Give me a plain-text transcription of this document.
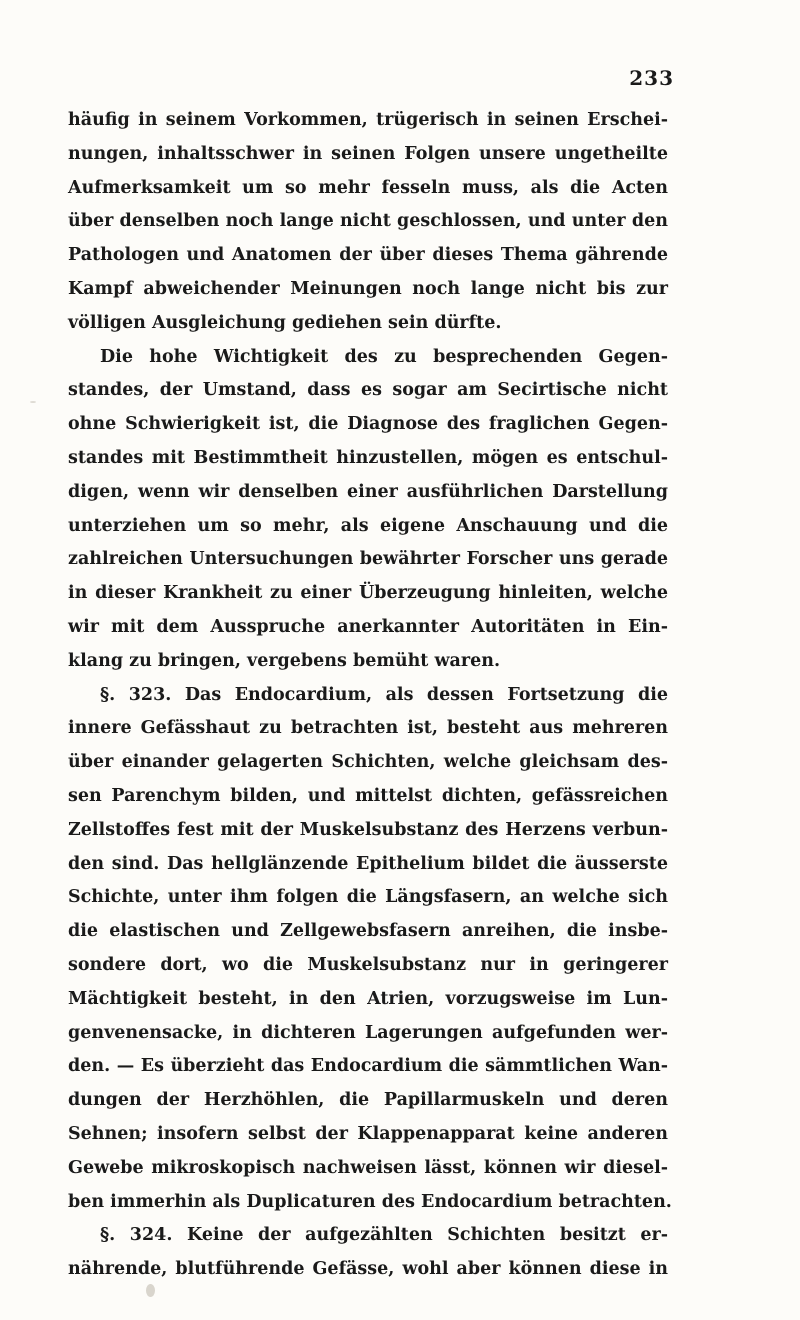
233
häufig in seinem Vorkommen, trügerisch in seinen Erschei-
nungen, inhaltsschwer in seinen Folgen unsere ungetheilte
Aufmerksamkeit um so mehr fesseln muss, als die Acten
über denselben noch lange nicht geschlossen, und unter den
Pathologen und Anatomen der über dieses Thema gährende
Kampf abweichender Meinungen noch lange nicht bis zur
völligen Ausgleichung gediehen sein dürfte.
Die hohe Wichtigkeit des zu besprechenden Gegen-
standes, der Umstand, dass es sogar am Secirtische nicht
ohne Schwierigkeit ist, die Diagnose des fraglichen Gegen-
standes mit Bestimmtheit hinzustellen, mögen es entschul-
digen, wenn wir denselben einer ausführlichen Darstellung
unterziehen um so mehr, als eigene Anschauung und die
zahlreichen Untersuchungen bewährter Forscher uns gerade
in dieser Krankheit zu einer Überzeugung hinleiten, welche
wir mit dem Ausspruche anerkannter Autoritäten in Ein-
klang zu bringen, vergebens bemüht waren.
§. 323. Das Endocardium, als dessen Fortsetzung die
innere Gefässhaut zu betrachten ist, besteht aus mehreren
über einander gelagerten Schichten, welche gleichsam des-
sen Parenchym bilden, und mittelst dichten, gefässreichen
Zellstoffes fest mit der Muskelsubstanz des Herzens verbun-
den sind. Das hellglänzende Epithelium bildet die äusserste
Schichte, unter ihm folgen die Längsfasern, an welche sich
die elastischen und Zellgewebsfasern anreihen, die insbe-
sondere dort, wo die Muskelsubstanz nur in geringerer
Mächtigkeit besteht, in den Atrien, vorzugsweise im Lun-
genvenensacke, in dichteren Lagerungen aufgefunden wer-
den. — Es überzieht das Endocardium die sämmtlichen Wan-
dungen der Herzhöhlen, die Papillarmuskeln und deren
Sehnen; insofern selbst der Klappenapparat keine anderen
Gewebe mikroskopisch nachweisen lässt, können wir diesel-
ben immerhin als Duplicaturen des Endocardium betrachten.
§. 324. Keine der aufgezählten Schichten besitzt er-
nährende, blutführende Gefässe, wohl aber können diese in
